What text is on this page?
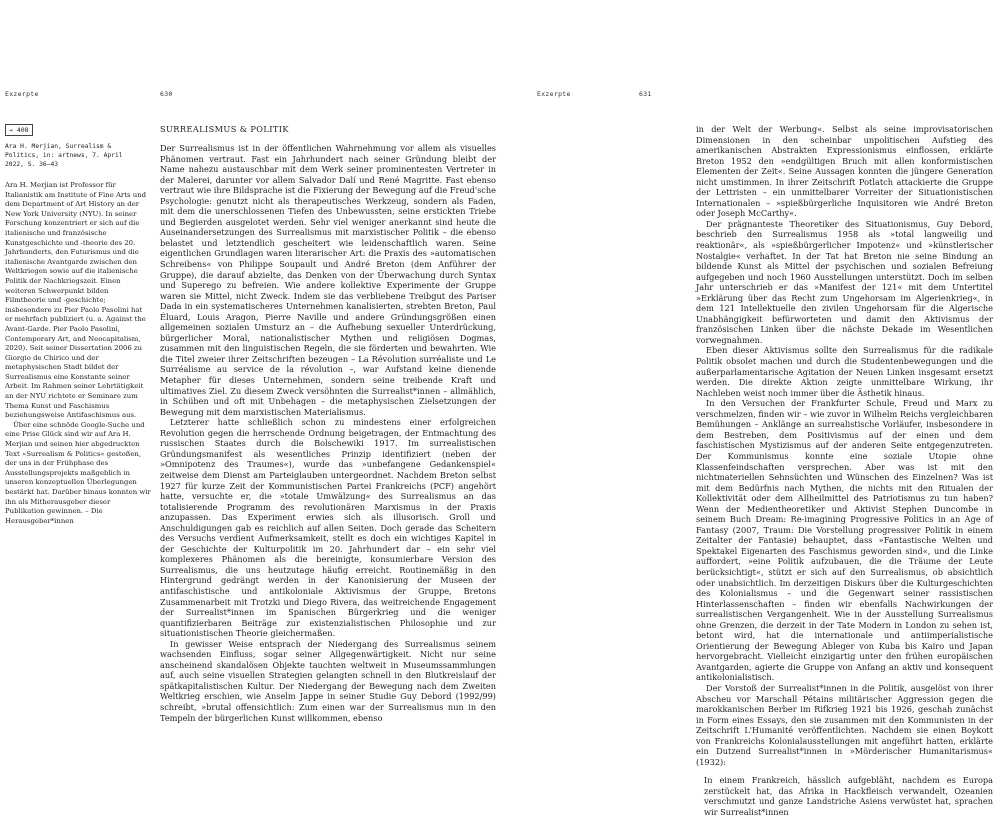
Exzerpte	630
→ 408

Ara H. Merjian, Surrealism & Politics, in: artnews, 7. April 2022, S. 36–43

Ara H. Merjian ist Professor für Italianistik am Institute of Fine Arts und dem Department of Art History an der New York University (NYU). In seiner Forschung konzentriert er sich auf die italienische und französische Kunstgeschichte und -theorie des 20. Jahrhunderts, den Futurismus und die italienische Avantgarde zwischen den Weltkriegen sowie auf die italienische Politik der Nachkriegszeit. Einen weiteren Schwerpunkt bilden Filmtheorie und -geschichte; insbesondere zu Pier Paolo Pasolini hat er mehrfach publiziert (u. a. Against the Avant-Garde. Pier Paolo Pasolini, Contemporary Art, and Neocapitalism, 2020). Seit seiner Dissertation 2006 zu Giorgio de Chirico und der metaphysischen Stadt bildet der Surrealismus eine Konstante seiner Arbeit. Im Rahmen seiner Lehrtätigkeit an der NYU richtete er Seminare zum Thema Kunst und Faschismus beziehungsweise Antifaschismus aus.

Über eine schnöde Google-Suche und eine Prise Glück sind wir auf Ara H. Merjian und seinen hier abgedruckten Text »Surrealism & Politics« gestoßen, der uns in der Frühphase des Ausstellungsprojekts maßgeblich in unseren konzeptuellen Überlegungen bestärkt hat. Darüber hinaus konnten wir ihn als Mitherausgeber dieser Publikation gewinnen. – Die Herausgeber*innen

SURREALISMUS & POLITIK

Der Surrealismus ist in der öffentlichen Wahrnehmung vor allem als visuelles Phänomen vertraut. Fast ein Jahrhundert nach seiner Gründung bleibt der Name nahezu austauschbar mit dem Werk seiner prominentesten Vertreter in der Malerei, darunter vor allem Salvador Dalí und René Magritte. Fast ebenso vertraut wie ihre Bildsprache ist die Fixierung der Bewegung auf die Freud'sche Psychologie: genutzt nicht als therapeutisches Werkzeug, sondern als Faden, mit dem die unerschlossenen Tiefen des Unbewussten, seine erstickten Triebe und Begierden ausgelotet werden. Sehr viel weniger anerkannt sind heute die Auseinandersetzungen des Surrealismus mit marxistischer Politik – die ebenso belastet und letztendlich gescheitert wie leidenschaftlich waren. Seine eigentlichen Grundlagen waren literarischer Art: die Praxis des »automatischen Schreibens« von Philippe Soupault und André Breton (dem Anführer der Gruppe), die darauf abzielte, das Denken von der Überwachung durch Syntax und Superego zu befreien. Wie andere kollektive Experimente der Gruppe waren sie Mittel, nicht Zweck. Indem sie das verbliebene Treibgut des Pariser Dada in ein systematischeres Unternehmen kanalisierten, strebten Breton, Paul Éluard, Louis Aragon, Pierre Naville und andere Gründungsgrößen einen allgemeinen sozialen Umsturz an – die Aufhebung sexueller Unterdrückung, bürgerlicher Moral, nationalistischer Mythen und religiösen Dogmas, zusammen mit den linguistischen Regeln, die sie förderten und bewahrten. Wie die Titel zweier ihrer Zeitschriften bezeugen – La Révolution surréaliste und Le Surréalisme au service de la révolution –, war Aufstand keine dienende Metapher für dieses Unternehmen, sondern seine treibende Kraft und ultimatives Ziel. Zu diesem Zweck versöhnten die Surrealist*innen – allmählich, in Schüben und oft mit Unbehagen – die metaphysischen Zielsetzungen der Bewegung mit dem marxistischen Materialismus.

Letzterer hatte schließlich schon zu mindestens einer erfolgreichen Revolution gegen die herrschende Ordnung beigetragen, der Entmachtung des russischen Staates durch die Bolschewiki 1917. Im surrealistischen Gründungsmanifest als wesentliches Prinzip identifiziert (neben der »Omnipotenz des Traumes«), wurde das »unbefangene Gedankenspiel« zeitweise dem Dienst am Parteiglauben untergeordnet. Nachdem Breton selbst 1927 für kurze Zeit der Kommunistischen Partei Frankreichs (PCF) angehört hatte, versuchte er, die »totale Umwälzung« des Surrealismus an das totalisierende Programm des revolutionären Marxismus in der Praxis anzupassen. Das Experiment erwies sich als illusorisch. Groll und Anschuldigungen gab es reichlich auf allen Seiten. Doch gerade das Scheitern des Versuchs verdient Aufmerksamkeit, stellt es doch ein wichtiges Kapitel in der Geschichte der Kulturpolitik im 20. Jahrhundert dar – ein sehr viel komplexeres Phänomen als die bereinigte, konsumierbare Version des Surrealismus, die uns heutzutage häufig erreicht. Routinemäßig in den Hintergrund gedrängt werden in der Kanonisierung der Museen der antifaschistische und antikoloniale Aktivismus der Gruppe, Bretons Zusammenarbeit mit Trotzki und Diego Rivera, das weitreichende Engagement der Surrealist*innen im Spanischen Bürgerkrieg und die weniger quantifizierbaren Beiträge zur existenzialistischen Philosophie und zur situationistischen Theorie gleichermaßen.

In gewisser Weise entsprach der Niedergang des Surrealismus seinem wachsenden Einfluss, sogar seiner Allgegenwärtigkeit. Nicht nur seine anscheinend skandalösen Objekte tauchten weltweit in Museumssammlungen auf, auch seine visuellen Strategien gelangten schnell in den Blutkreislauf der spätkapitalistischen Kultur. Der Niedergang der Bewegung nach dem Zweiten Weltkrieg erschien, wie Anselm Jappe in seiner Studie Guy Debord (1992/99) schreibt, »brutal offensichtlich: Zum einen war der Surrealismus nun in den Tempeln der bürgerlichen Kunst willkommen, ebenso

Exzerpte	631

in der Welt der Werbung«. Selbst als seine improvisatorischen Dimensionen in den scheinbar unpolitischen Aufstieg des amerikanischen Abstrakten Expressionismus einflossen, erklärte Breton 1952 den »endgültigen Bruch mit allen konformistischen Elementen der Zeit«. Seine Aussagen konnten die jüngere Generation nicht umstimmen. In ihrer Zeitschrift Potlatch attackierte die Gruppe der Lettristen – ein unmittelbarer Vorreiter der Situationistischen Internationalen – »spießbürgerliche Inquisitoren wie André Breton oder Joseph McCarthy«.

Der prägnanteste Theoretiker des Situationismus, Guy Debord, beschrieb den Surrealismus 1958 als »total langweilig und reaktionär«, als »spießbürgerlicher Impotenz« und »künstlerischer Nostalgie« verhaftet. In der Tat hat Breton nie seine Bindung an bildende Kunst als Mittel der psychischen und sozialen Befreiung aufgegeben und noch 1960 Ausstellungen unterstützt. Doch im selben Jahr unterschrieb er das »Manifest der 121« mit dem Untertitel »Erklärung über das Recht zum Ungehorsam im Algerienkrieg«, in dem 121 Intellektuelle den zivilen Ungehorsam für die Algerische Unabhängigkeit befürworteten und damit den Aktivismus der französischen Linken über die nächste Dekade im Wesentlichen vorwegnahmen.

Eben dieser Aktivismus sollte den Surrealismus für die radikale Politik obsolet machen und durch die Studentenbewegungen und die außerparlamentarische Agitation der Neuen Linken insgesamt ersetzt werden. Die direkte Aktion zeigte unmittelbare Wirkung, ihr Nachleben weist noch immer über die Ästhetik hinaus.

In den Versuchen der Frankfurter Schule, Freud und Marx zu verschmelzen, finden wir – wie zuvor in Wilhelm Reichs vergleichbaren Bemühungen – Anklänge an surrealistische Vorläufer, insbesondere in dem Bestreben, dem Positivismus auf der einen und dem faschistischen Mystizismus auf der anderen Seite entgegenzutreten. Der Kommunismus konnte eine soziale Utopie ohne Klassenfeindschaften versprechen. Aber was ist mit den nichtmateriellen Sehnsüchten und Wünschen des Einzelnen? Was ist mit dem Bedürfnis nach Mythen, die nichts mit den Ritualen der Kollektivität oder dem Allheilmittel des Patriotismus zu tun haben? Wenn der Medientheoretiker und Aktivist Stephen Duncombe in seinem Buch Dream: Re-imagining Progressive Politics in an Age of Fantasy (2007, Traum: Die Vorstellung progressiver Politik in einem Zeitalter der Fantasie) behauptet, dass »Fantastische Welten und Spektakel Eigenarten des Faschismus geworden sind«, und die Linke auffordert, »eine Politik aufzubauen, die die Träume der Leute berücksichtigt«, stützt er sich auf den Surrealismus, ob absichtlich oder unabsichtlich. Im derzeitigen Diskurs über die Kulturgeschichten des Kolonialismus – und die Gegenwart seiner rassistischen Hinterlassenschaften – finden wir ebenfalls Nachwirkungen der surrealistischen Vergangenheit. Wie in der Ausstellung Surrealismus ohne Grenzen, die derzeit in der Tate Modern in London zu sehen ist, betont wird, hat die internationale und antiimperialistische Orientierung der Bewegung Ableger von Kuba bis Kairo und Japan hervorgebracht. Vielleicht einzigartig unter den frühen europäischen Avantgarden, agierte die Gruppe von Anfang an aktiv und konsequent antikolonialistisch.

Der Vorstoß der Surrealist*innen in die Politik, ausgelöst von ihrer Abscheu vor Marschall Pétains militärischer Aggression gegen die marokkanischen Berber im Rifkrieg 1921 bis 1926, geschah zunächst in Form eines Essays, den sie zusammen mit den Kommunisten in der Zeitschrift L'Humanité veröffentlichten. Nachdem sie einen Boykott von Frankreichs Kolonialausstellungen mit angeführt hatten, erklärte ein Dutzend Surrealist*innen in »Mörderischer Humanitarismus« (1932):

In einem Frankreich, hässlich aufgebläht, nachdem es Europa zerstückelt hat, das Afrika in Hackfleisch verwandelt, Ozeanien verschmutzt und ganze Landstriche Asiens verwüstet hat, sprachen wir Surrealist*innen
